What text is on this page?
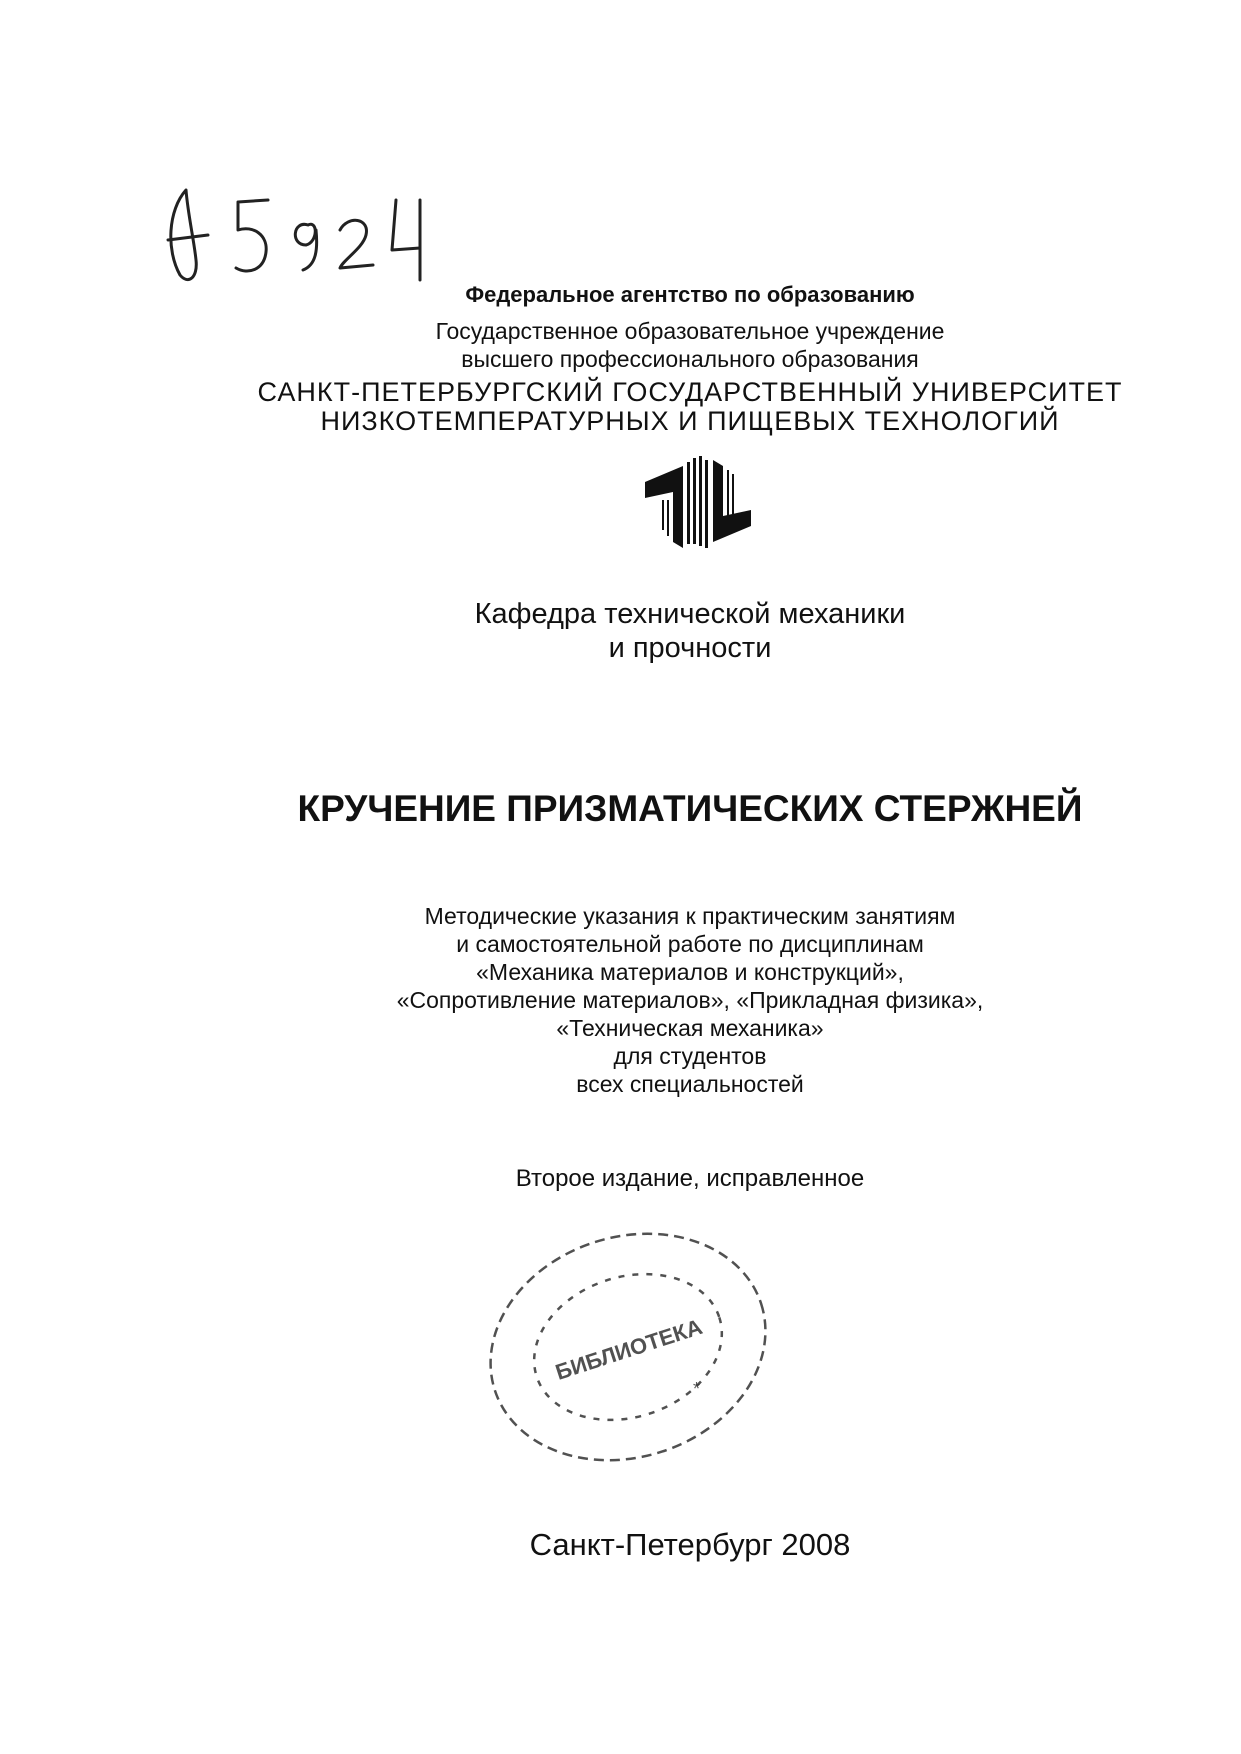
Федеральное агентство по образованию
Государственное образовательное учреждение
высшего профессионального образования
САНКТ-ПЕТЕРБУРГСКИЙ ГОСУДАРСТВЕННЫЙ УНИВЕРСИТЕТ
НИЗКОТЕМПЕРАТУРНЫХ И ПИЩЕВЫХ ТЕХНОЛОГИЙ
Кафедра технической механики
и прочности
КРУЧЕНИЕ ПРИЗМАТИЧЕСКИХ СТЕРЖНЕЙ
Методические указания к практическим занятиям
и самостоятельной работе по дисциплинам
«Механика материалов и конструкций»,
«Сопротивление материалов», «Прикладная физика»,
«Техническая механика»
для студентов
всех специальностей
Второе издание, исправленное
БИБЛИОТЕКА
*
Санкт-Петербург 2008
